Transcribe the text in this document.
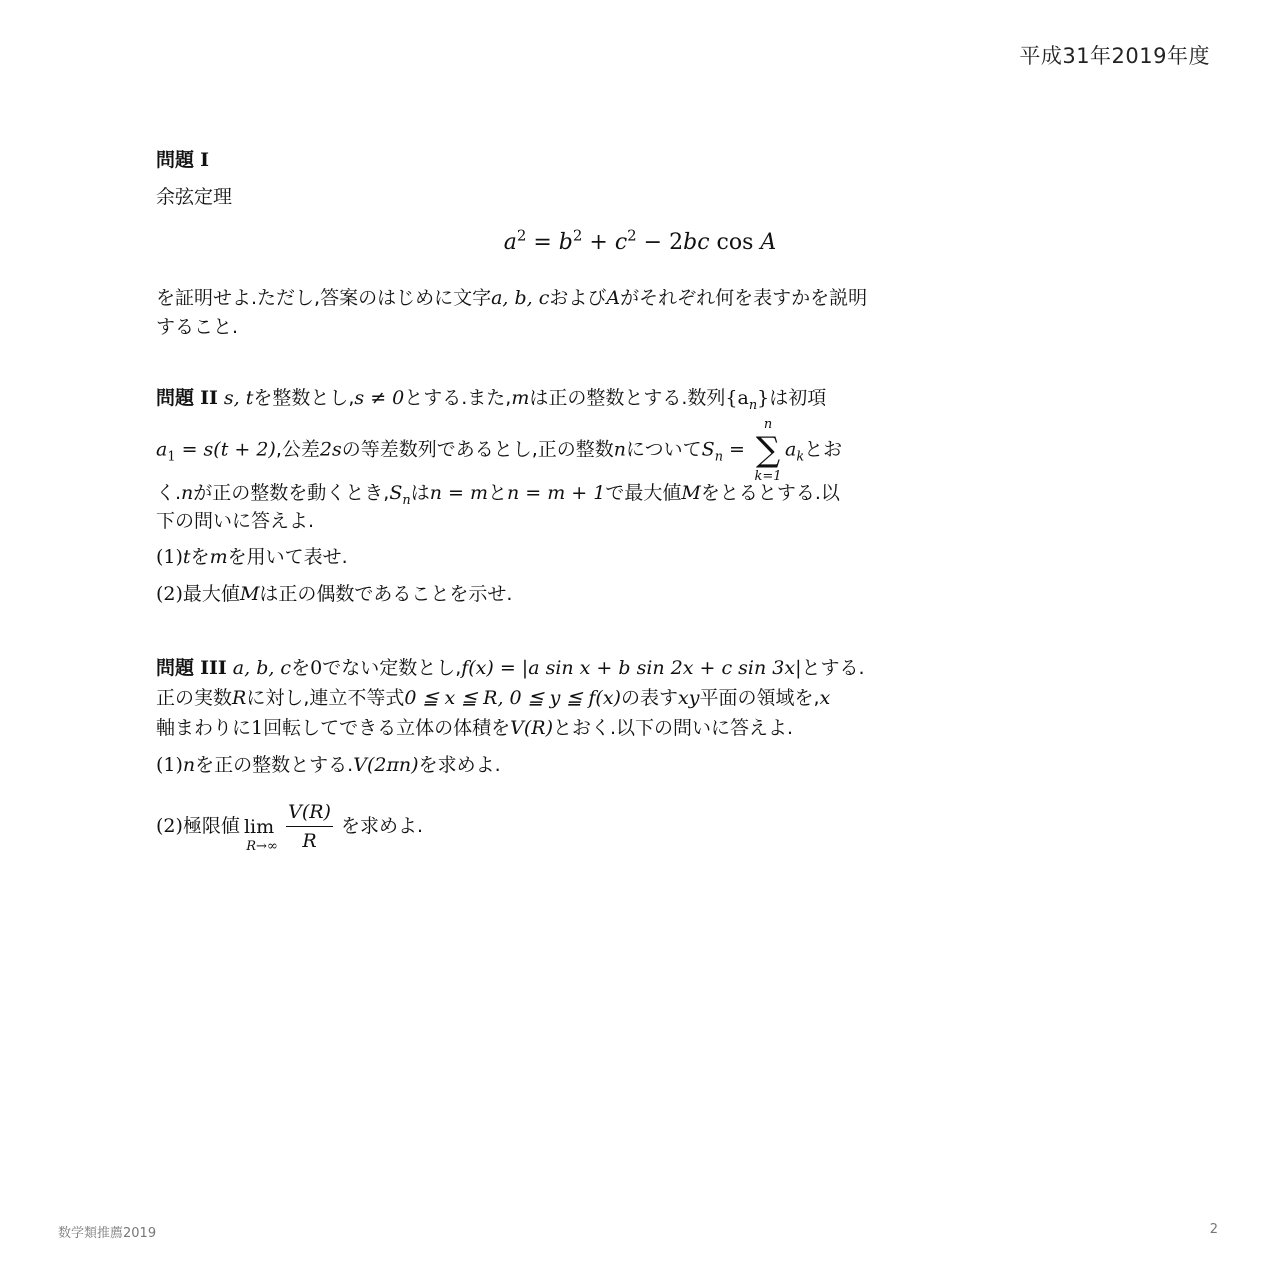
平成31年2019年度
問題 I
余弦定理
$a^2 = b^2 + c^2 - 2bc$ cos A
を証明せよ.ただし,答案のはじめに文字a, b, cおよびAがそれぞれ何を表すかを説明
すること.
問題 II s, tを整数とし,s ≠ 0とする.また,mは正の整数とする.数列$\{a_n\}$は初項
$a_1 = s(t + 2)$,公差2sの等差数列であるとし,正の整数nについて$S_n$ =
n
∑
k=1
$a_k$とお
く.nが正の整数を動くとき$,S_n$はn = mとn = m + 1で最大値Mをとるとする.以
下の問いに答えよ.
(1)tをmを用いて表せ.
(2)最大値Mは正の偶数であることを示せ.
問題 III a, b, cを0でない定数とし,f(x) = |a sin x + b sin 2x + c sin 3x|とする.
正の実数Rに対し,連立不等式0 ≦ x ≦ R, 0 ≦ y ≦ f(x)の表すxy平面の領域を,x
軸まわりに1回転してできる立体の体積をV(R)とおく.以下の問いに答えよ.
(1)nを正の整数とする.V(2πn)を求めよ.
(2)極限値 lim
$R\to\infty \frac{V(R)}{R}$ を求めよ.
数学類推薦2019	2
